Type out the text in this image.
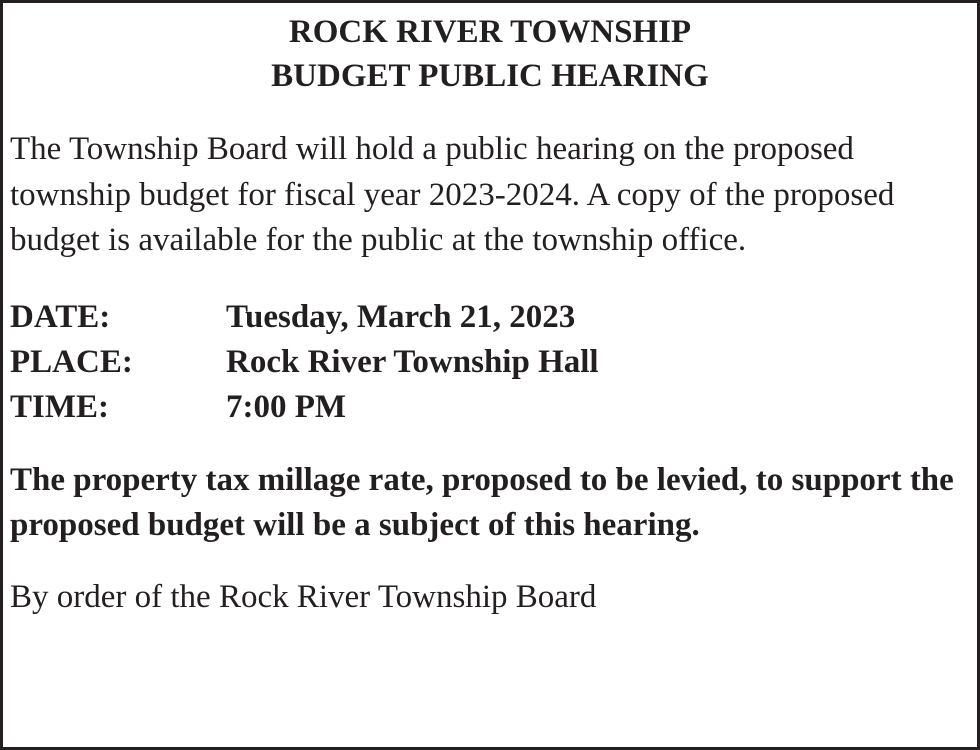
ROCK RIVER TOWNSHIP
BUDGET PUBLIC HEARING

The Township Board will hold a public hearing on the proposed township budget for fiscal year 2023-2024. A copy of the proposed budget is available for the public at the township office.

DATE:	Tuesday, March 21, 2023
PLACE:	Rock River Township Hall
TIME:	7:00 PM

The property tax millage rate, proposed to be levied, to support the proposed budget will be a subject of this hearing.

By order of the Rock River Township Board
